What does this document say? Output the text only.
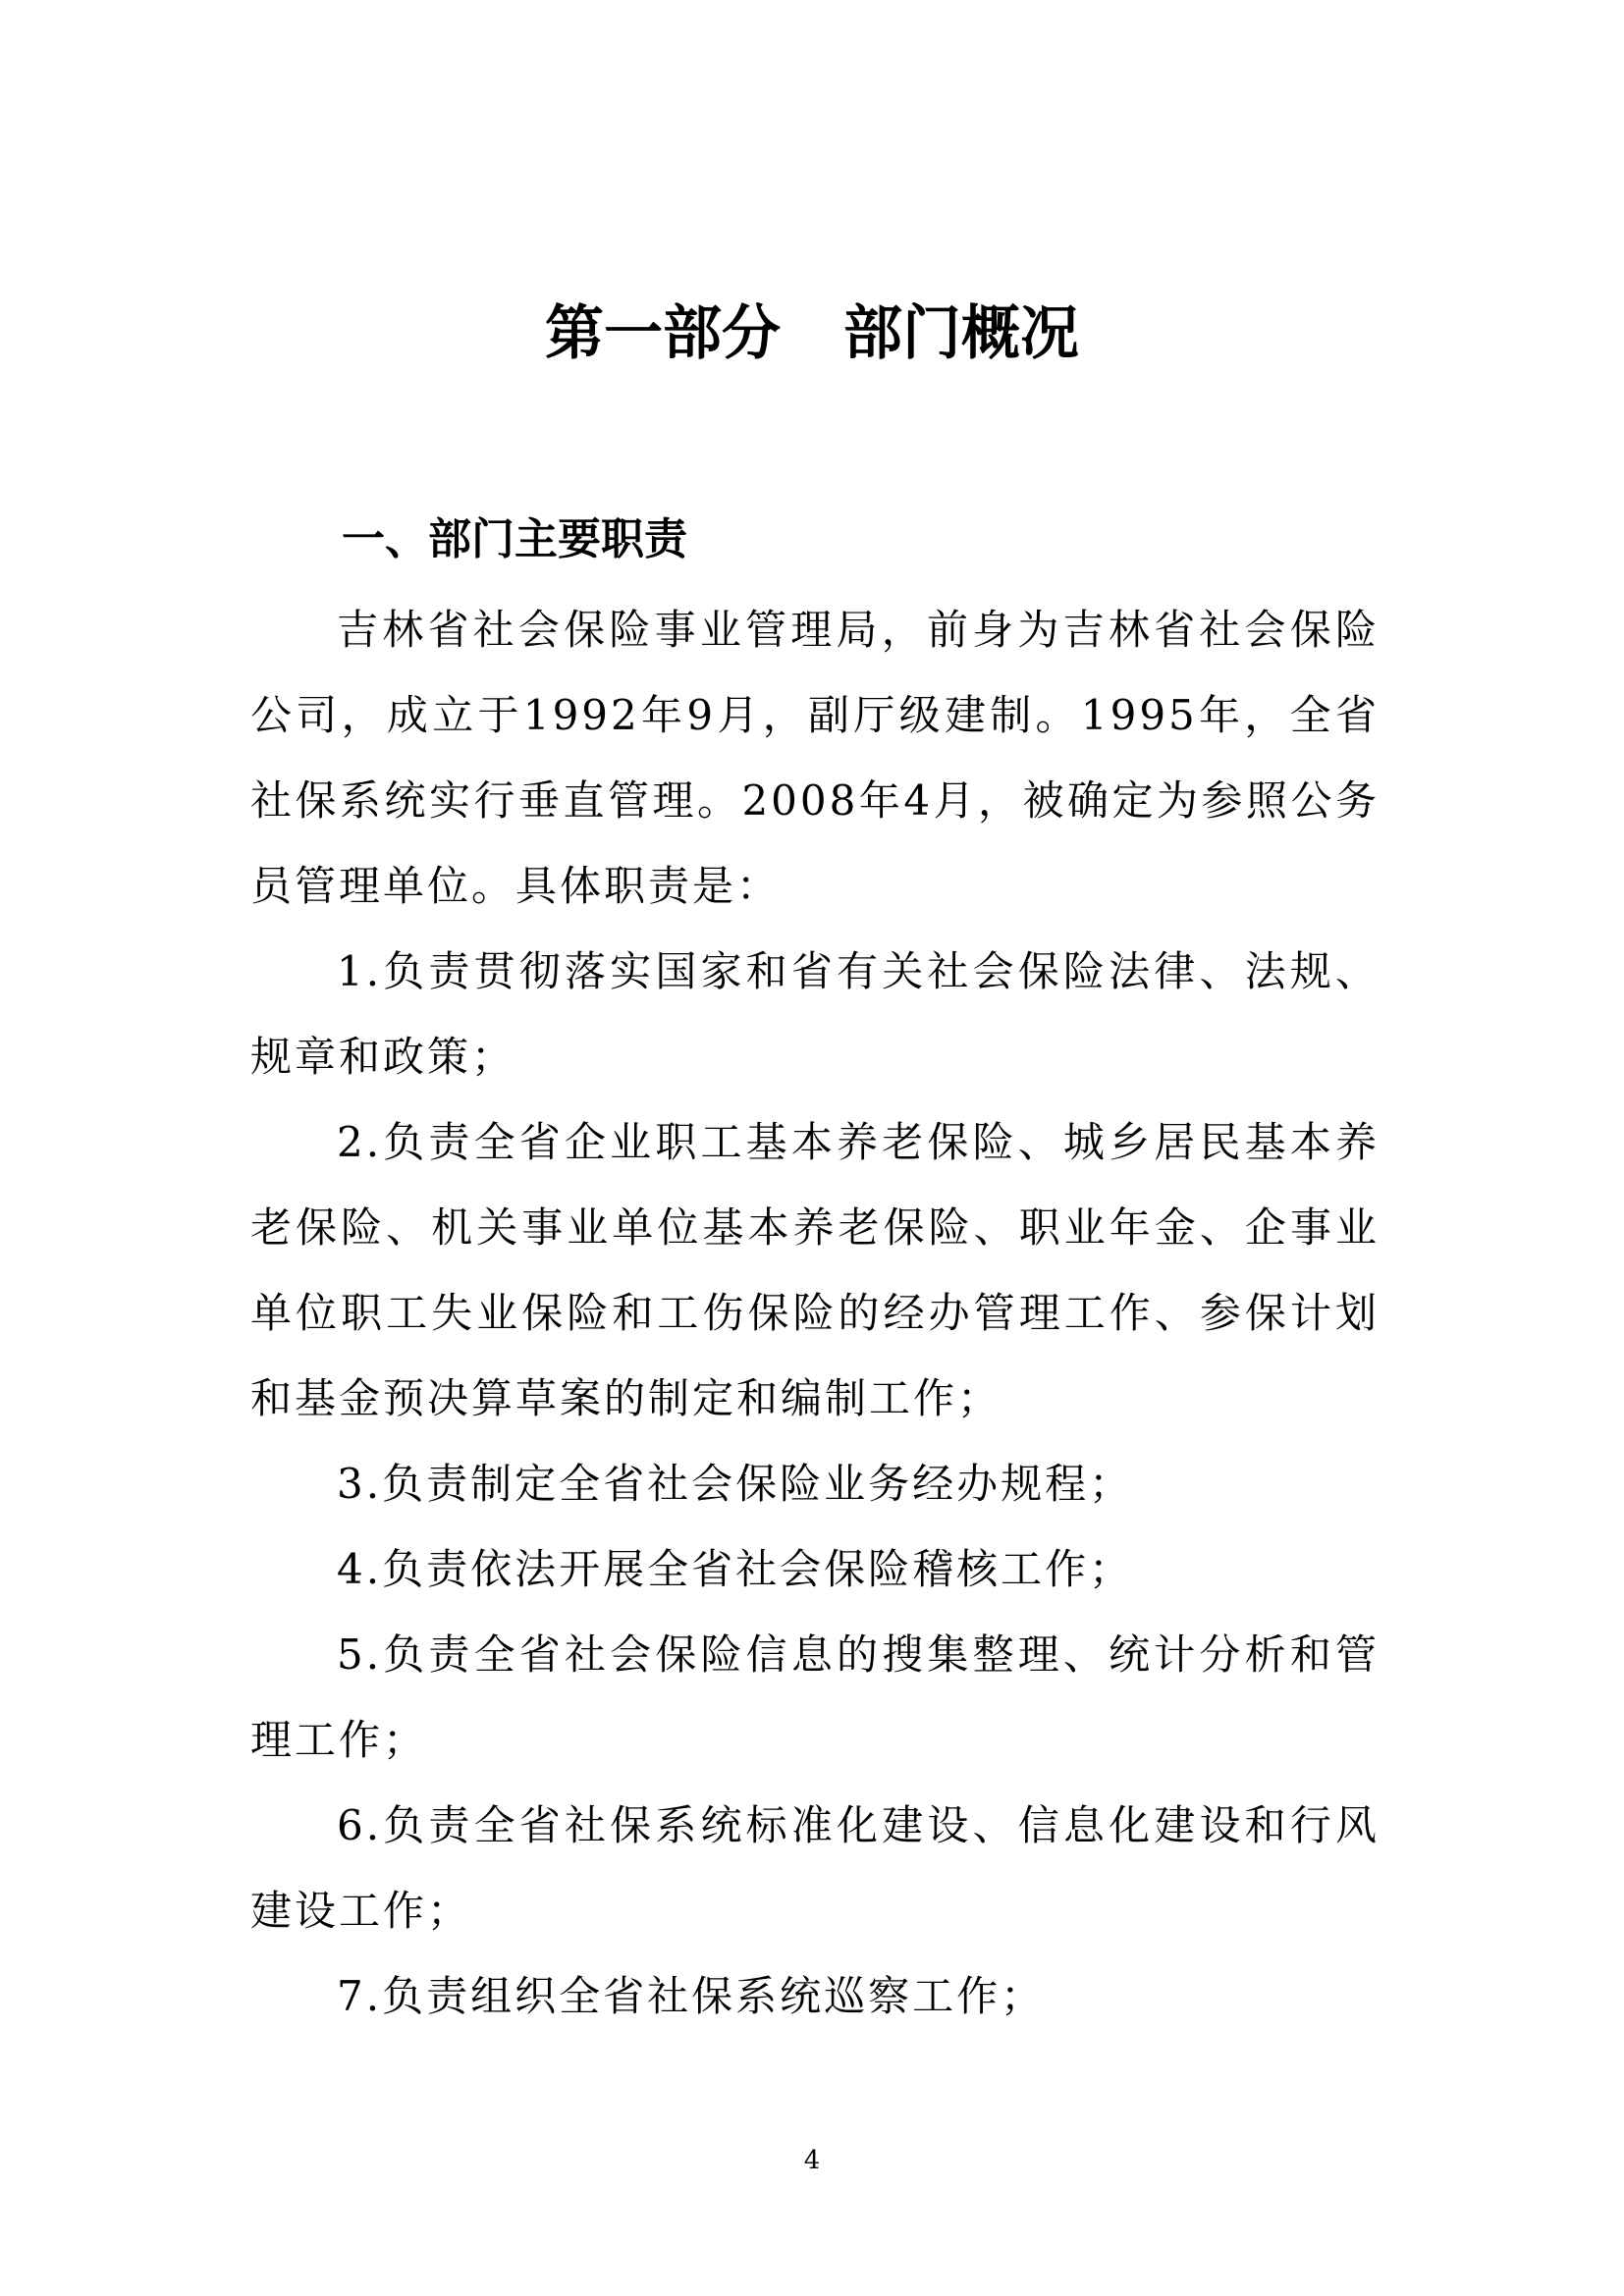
第一部分 部门概况
一、部门主要职责

吉林省社会保险事业管理局，前身为吉林省社会保险公司，成立于1992年9月，副厅级建制。1995年，全省社保系统实行垂直管理。2008年4月，被确定为参照公务员管理单位。具体职责是：

1.负责贯彻落实国家和省有关社会保险法律、法规、规章和政策；

2.负责全省企业职工基本养老保险、城乡居民基本养老保险、机关事业单位基本养老保险、职业年金、企事业单位职工失业保险和工伤保险的经办管理工作、参保计划和基金预决算草案的制定和编制工作；

3.负责制定全省社会保险业务经办规程；

4.负责依法开展全省社会保险稽核工作；

5.负责全省社会保险信息的搜集整理、统计分析和管理工作；

6.负责全省社保系统标准化建设、信息化建设和行风建设工作；

7.负责组织全省社保系统巡察工作；

4
